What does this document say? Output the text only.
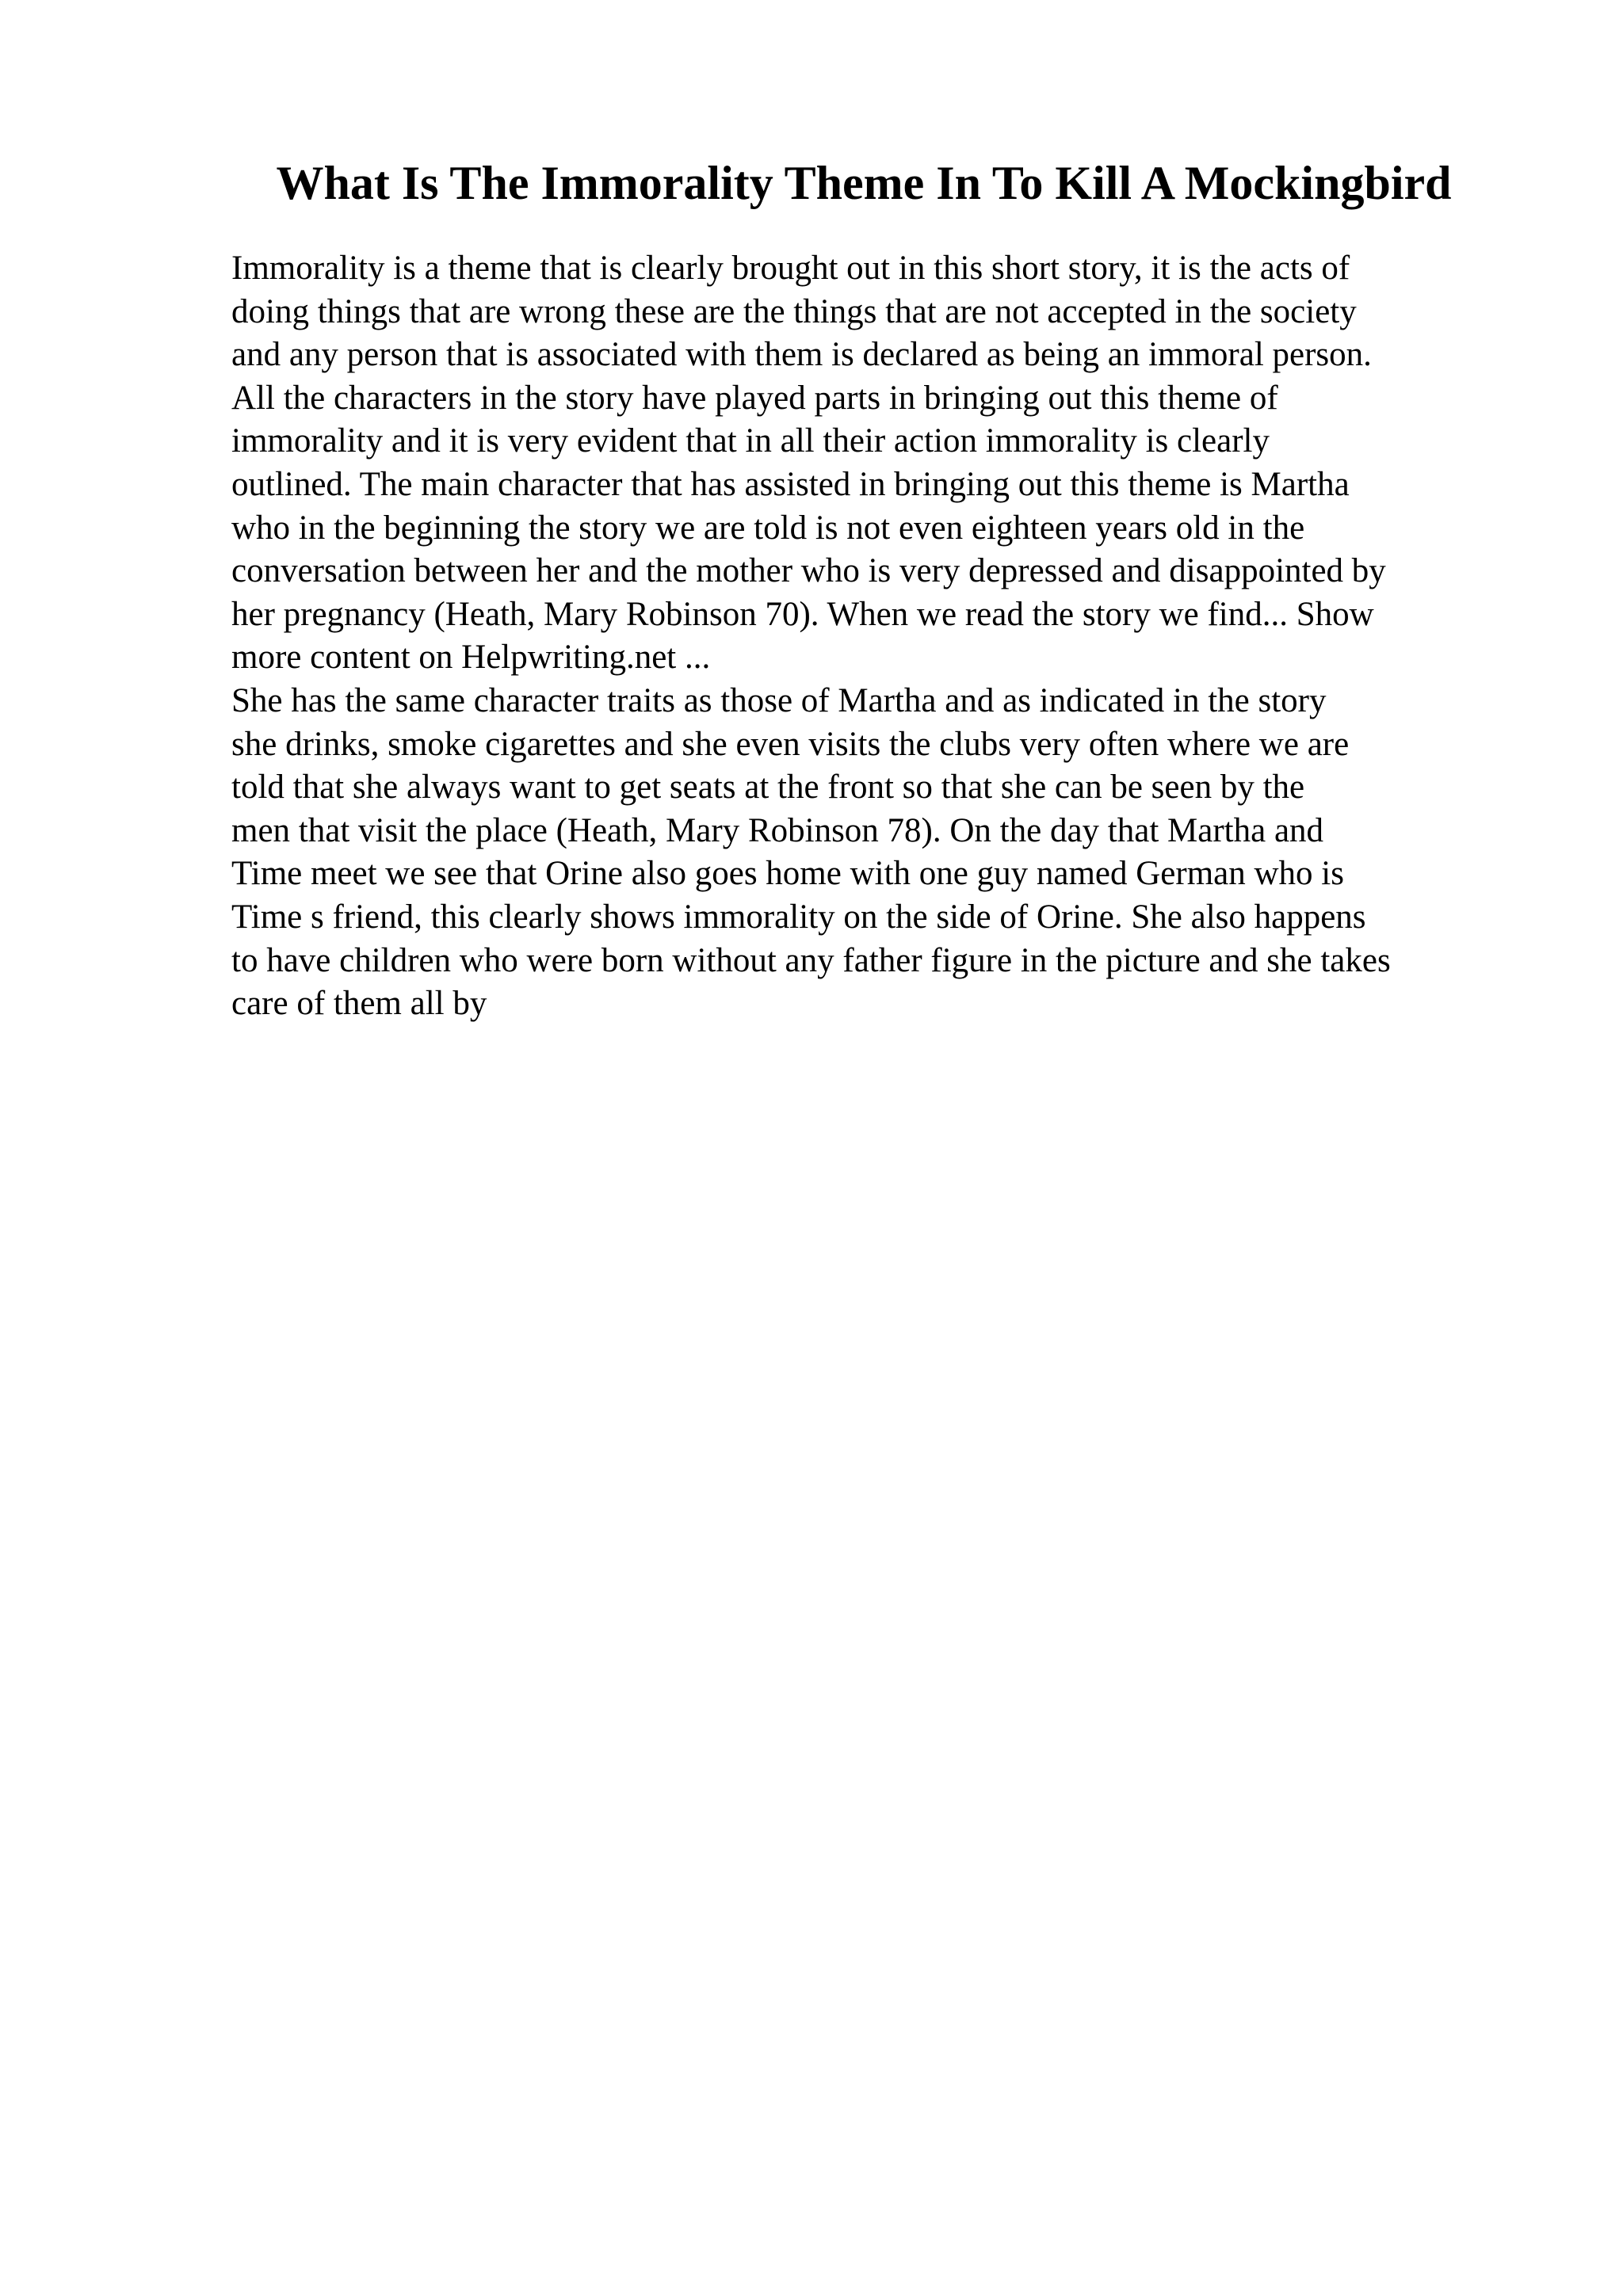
What Is The Immorality Theme In To Kill A Mockingbird
Immorality is a theme that is clearly brought out in this short story, it is the acts of
doing things that are wrong these are the things that are not accepted in the society
and any person that is associated with them is declared as being an immoral person.
All the characters in the story have played parts in bringing out this theme of
immorality and it is very evident that in all their action immorality is clearly
outlined. The main character that has assisted in bringing out this theme is Martha
who in the beginning the story we are told is not even eighteen years old in the
conversation between her and the mother who is very depressed and disappointed by
her pregnancy (Heath, Mary Robinson 70). When we read the story we find... Show
more content on Helpwriting.net ...
She has the same character traits as those of Martha and as indicated in the story
she drinks, smoke cigarettes and she even visits the clubs very often where we are
told that she always want to get seats at the front so that she can be seen by the
men that visit the place (Heath, Mary Robinson 78). On the day that Martha and
Time meet we see that Orine also goes home with one guy named German who is
Time s friend, this clearly shows immorality on the side of Orine. She also happens
to have children who were born without any father figure in the picture and she takes
care of them all by
